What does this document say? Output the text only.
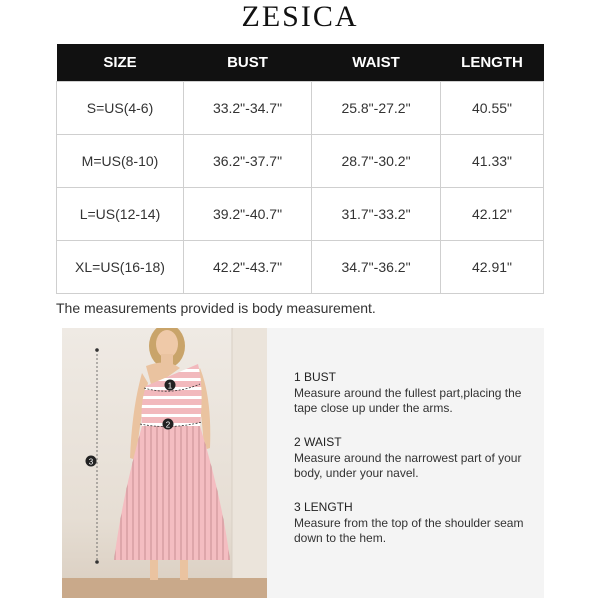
ZESICA
SIZE	BUST	WAIST	LENGTH
S=US(4-6)	33.2"-34.7"	25.8"-27.2"	40.55"
M=US(8-10)	36.2"-37.7"	28.7"-30.2"	41.33"
L=US(12-14)	39.2"-40.7"	31.7"-33.2"	42.12"
XL=US(16-18)	42.2"-43.7"	34.7"-36.2"	42.91"
The measurements provided is body measurement.
1
2
3
1 BUST
Measure around the fullest part,placing the tape close up under the arms.
2 WAIST
Measure around the narrowest part of your body, under your navel.
3 LENGTH
Measure from the top of the shoulder seam down to the hem.
